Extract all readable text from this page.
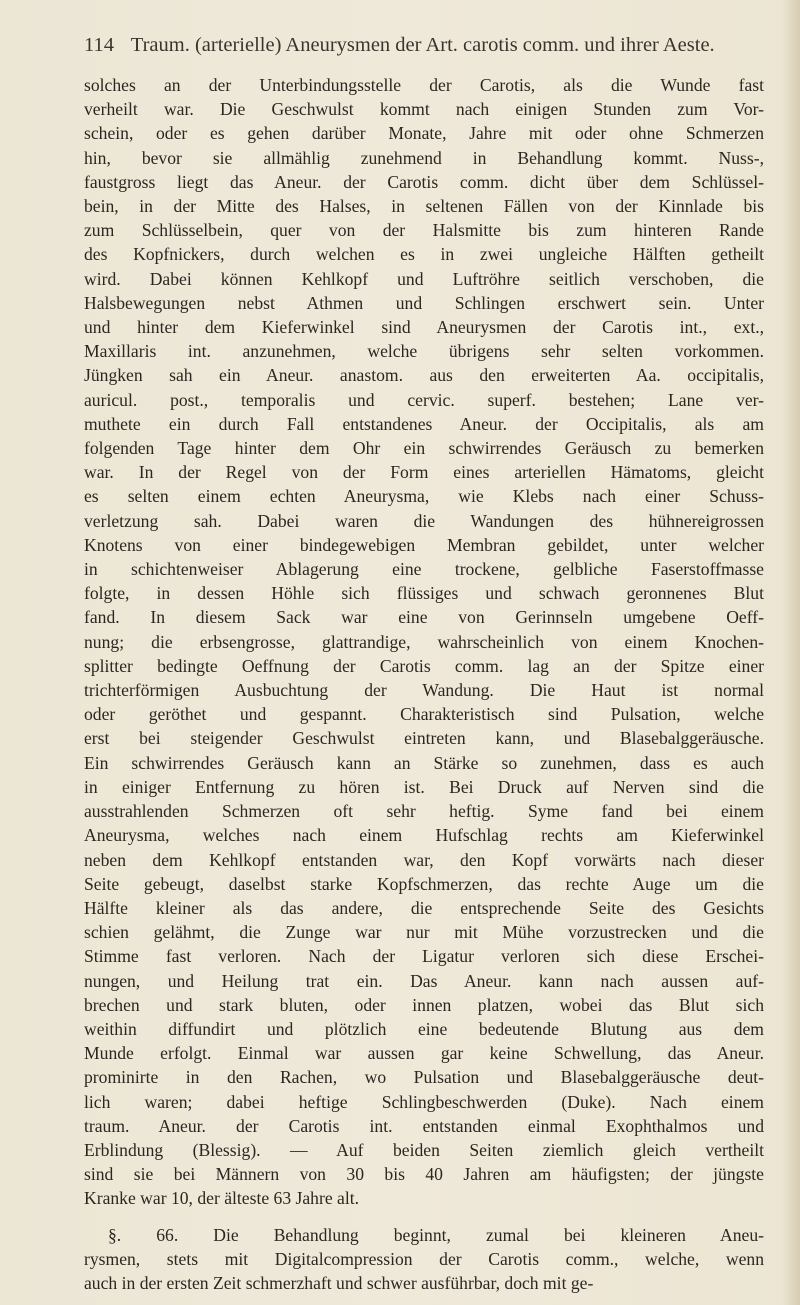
114 Traum. (arterielle) Aneurysmen der Art. carotis comm. und ihrer Aeste.
solches an der Unterbindungsstelle der Carotis, als die Wunde fast
verheilt war. Die Geschwulst kommt nach einigen Stunden zum Vor-
schein, oder es gehen darüber Monate, Jahre mit oder ohne Schmerzen
hin, bevor sie allmählig zunehmend in Behandlung kommt. Nuss-,
faustgross liegt das Aneur. der Carotis comm. dicht über dem Schlüssel-
bein, in der Mitte des Halses, in seltenen Fällen von der Kinnlade bis
zum Schlüsselbein, quer von der Halsmitte bis zum hinteren Rande
des Kopfnickers, durch welchen es in zwei ungleiche Hälften getheilt
wird. Dabei können Kehlkopf und Luftröhre seitlich verschoben, die
Halsbewegungen nebst Athmen und Schlingen erschwert sein. Unter
und hinter dem Kieferwinkel sind Aneurysmen der Carotis int., ext.,
Maxillaris int. anzunehmen, welche übrigens sehr selten vorkommen.
Jüngken sah ein Aneur. anastom. aus den erweiterten Aa. occipitalis,
auricul. post., temporalis und cervic. superf. bestehen; Lane ver-
muthete ein durch Fall entstandenes Aneur. der Occipitalis, als am
folgenden Tage hinter dem Ohr ein schwirrendes Geräusch zu bemerken
war. In der Regel von der Form eines arteriellen Hämatoms, gleicht
es selten einem echten Aneurysma, wie Klebs nach einer Schuss-
verletzung sah. Dabei waren die Wandungen des hühnereigrossen
Knotens von einer bindegewebigen Membran gebildet, unter welcher
in schichtenweiser Ablagerung eine trockene, gelbliche Faserstoffmasse
folgte, in dessen Höhle sich flüssiges und schwach geronnenes Blut
fand. In diesem Sack war eine von Gerinnseln umgebene Oeff-
nung; die erbsengrosse, glattrandige, wahrscheinlich von einem Knochen-
splitter bedingte Oeffnung der Carotis comm. lag an der Spitze einer
trichterförmigen Ausbuchtung der Wandung. Die Haut ist normal
oder geröthet und gespannt. Charakteristisch sind Pulsation, welche
erst bei steigender Geschwulst eintreten kann, und Blasebalggeräusche.
Ein schwirrendes Geräusch kann an Stärke so zunehmen, dass es auch
in einiger Entfernung zu hören ist. Bei Druck auf Nerven sind die
ausstrahlenden Schmerzen oft sehr heftig. Syme fand bei einem
Aneurysma, welches nach einem Hufschlag rechts am Kieferwinkel
neben dem Kehlkopf entstanden war, den Kopf vorwärts nach dieser
Seite gebeugt, daselbst starke Kopfschmerzen, das rechte Auge um die
Hälfte kleiner als das andere, die entsprechende Seite des Gesichts
schien gelähmt, die Zunge war nur mit Mühe vorzustrecken und die
Stimme fast verloren. Nach der Ligatur verloren sich diese Erschei-
nungen, und Heilung trat ein. Das Aneur. kann nach aussen auf-
brechen und stark bluten, oder innen platzen, wobei das Blut sich
weithin diffundirt und plötzlich eine bedeutende Blutung aus dem
Munde erfolgt. Einmal war aussen gar keine Schwellung, das Aneur.
prominirte in den Rachen, wo Pulsation und Blasebalggeräusche deut-
lich waren; dabei heftige Schlingbeschwerden (Duke). Nach einem
traum. Aneur. der Carotis int. entstanden einmal Exophthalmos und
Erblindung (Blessig). — Auf beiden Seiten ziemlich gleich vertheilt
sind sie bei Männern von 30 bis 40 Jahren am häufigsten; der jüngste
Kranke war 10, der älteste 63 Jahre alt.
§. 66. Die Behandlung beginnt, zumal bei kleineren Aneu-
rysmen, stets mit Digitalcompression der Carotis comm., welche, wenn
auch in der ersten Zeit schmerzhaft und schwer ausführbar, doch mit ge-
